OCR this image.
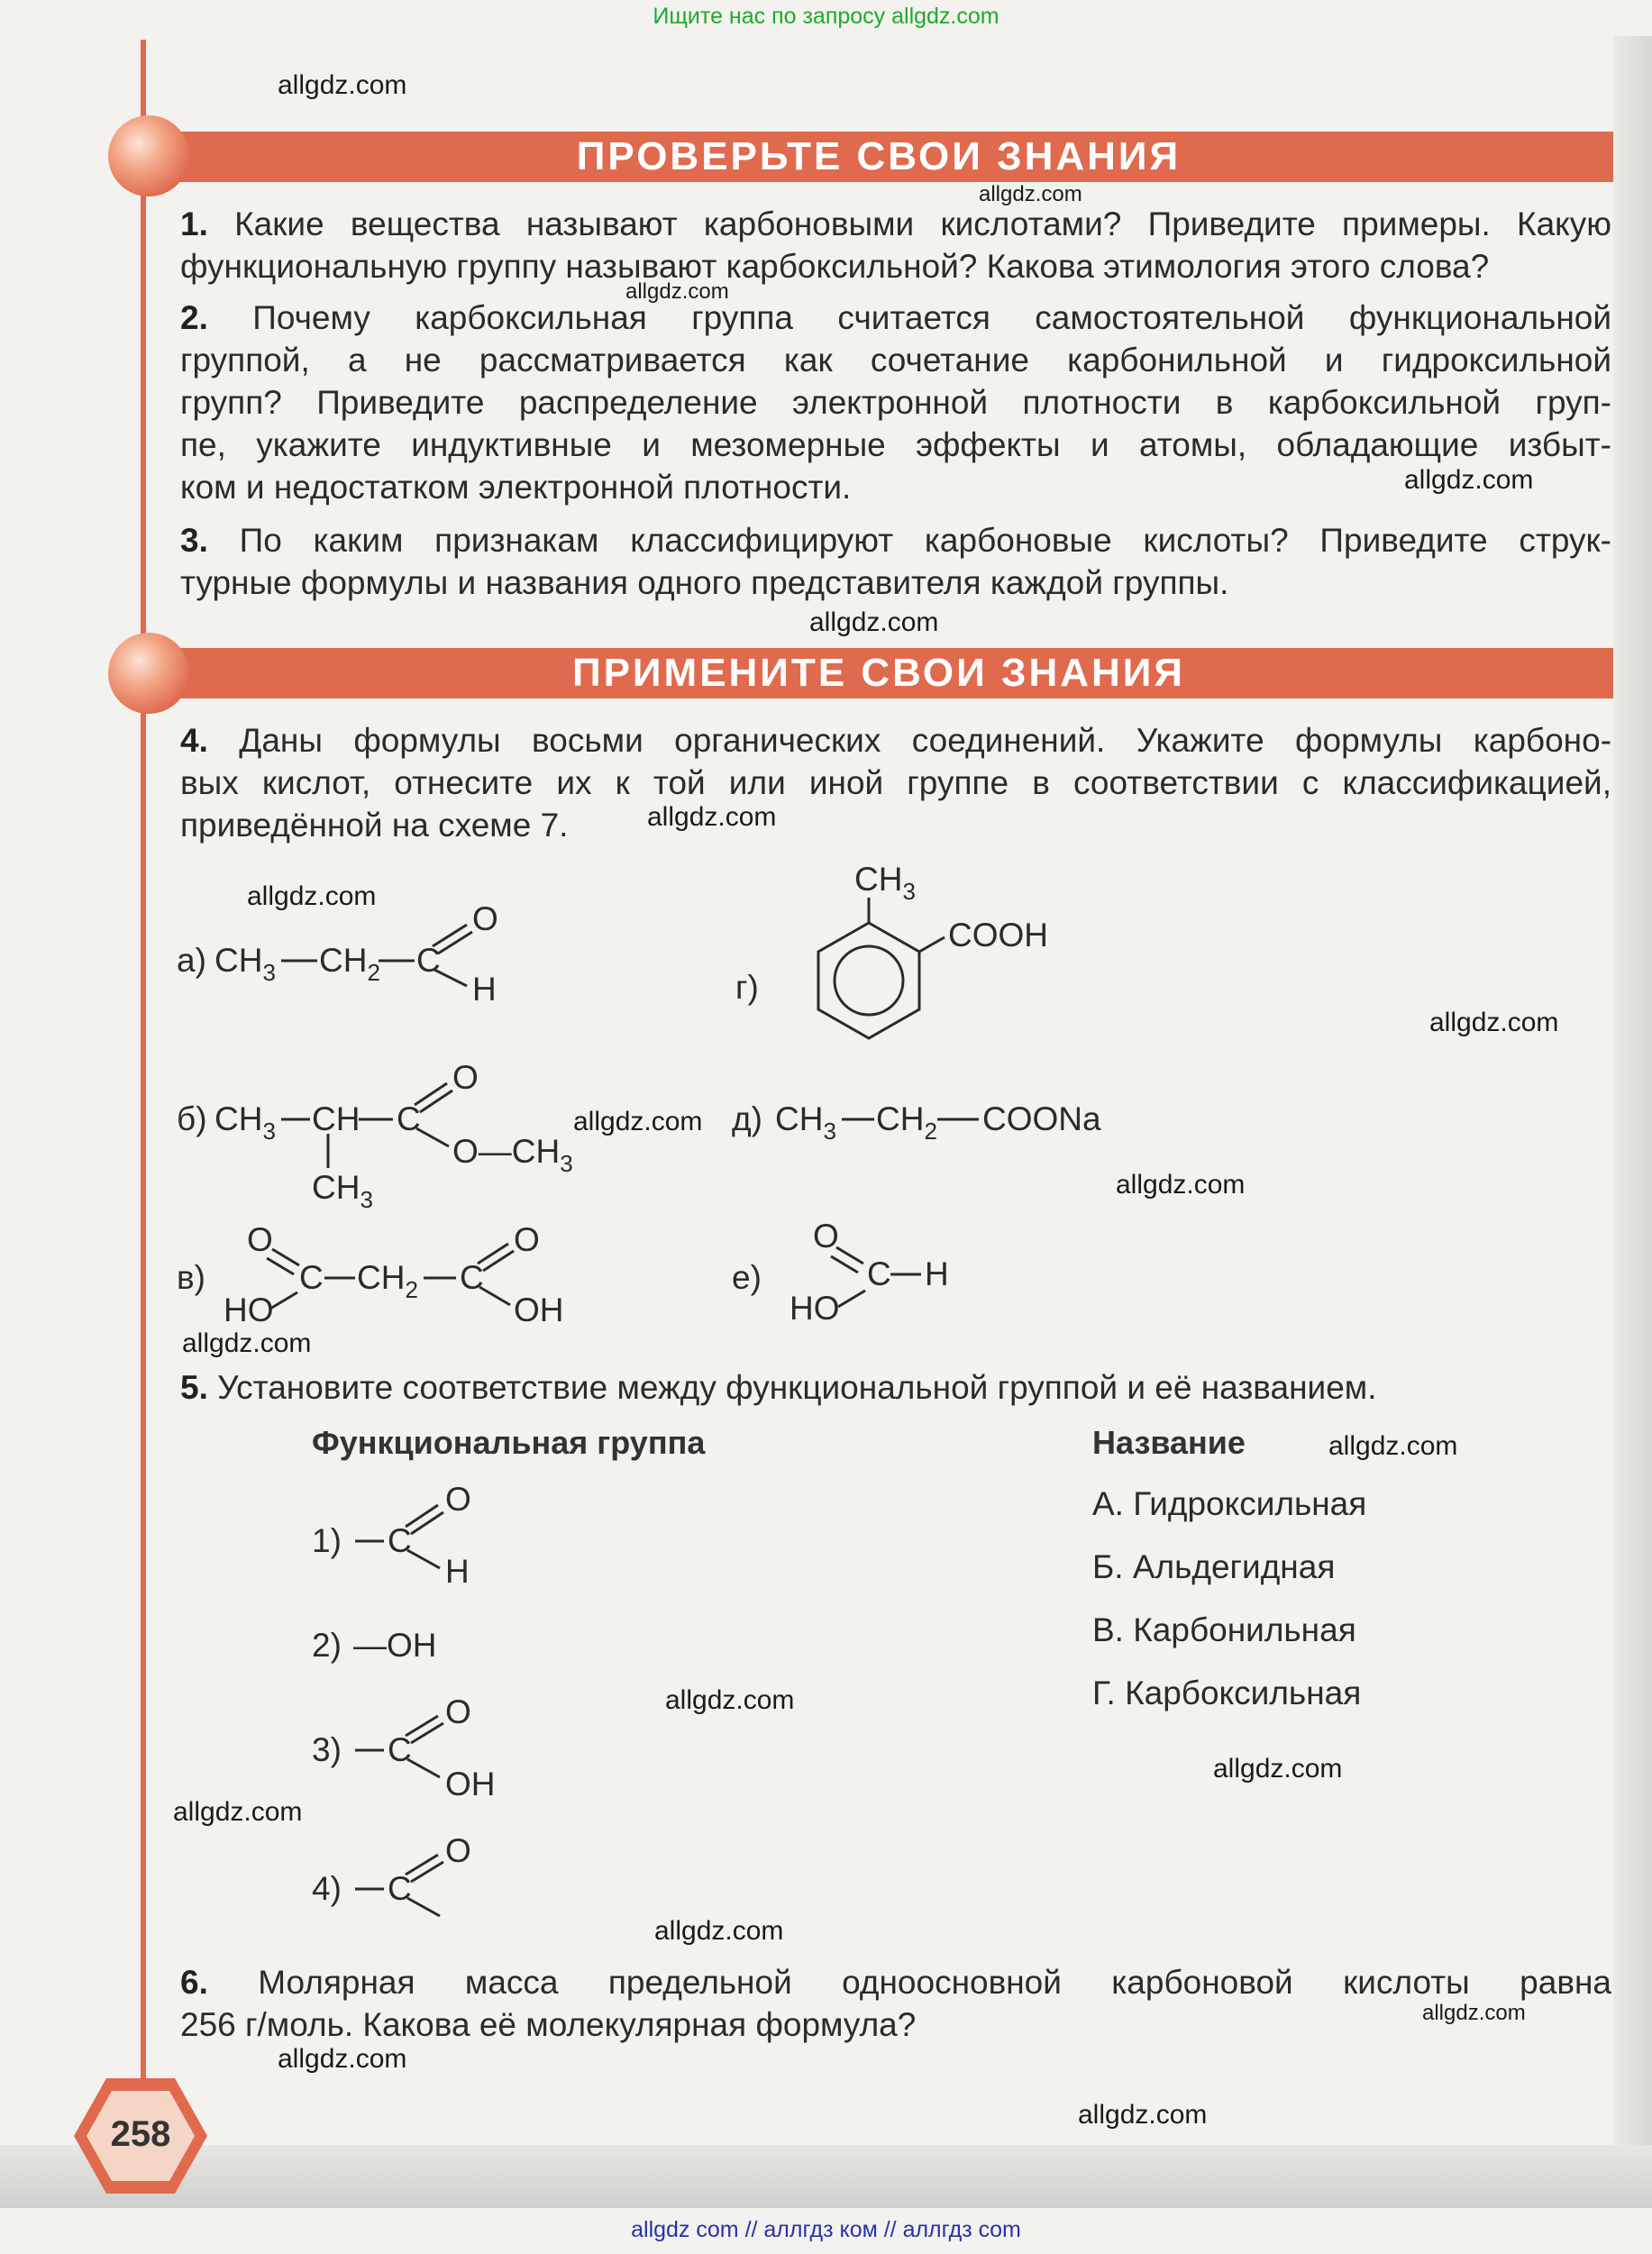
Ищите нас по запросу allgdz.com
allgdz com // аллгдз ком // аллгдз com
ПРОВЕРЬТЕ СВОИ ЗНАНИЯ
1. Какие вещества называют карбоновыми кислотами? Приведите примеры. Какую
функциональную группу называют карбоксильной? Какова этимология этого слова?
2. Почему карбоксильная группа считается самостоятельной функциональной
группой, а не рассматривается как сочетание карбонильной и гидроксильной
групп? Приведите распределение электронной плотности в карбоксильной груп-
пе, укажите индуктивные и мезомерные эффекты и атомы, обладающие избыт-
ком и недостатком электронной плотности.
3. По каким признакам классифицируют карбоновые кислоты? Приведите струк-
турные формулы и названия одного представителя каждой группы.
ПРИМЕНИТЕ СВОИ ЗНАНИЯ
4. Даны формулы восьми органических соединений. Укажите формулы карбоно-
вых кислот, отнесите их к той или иной группе в соответствии с классификацией,
приведённой на схеме 7.
а) $CH_3$ $CH_2$ C
O
H	г)
$CH_3$
COOH
б) $CH_3$ CH C
O
$O—CH_3$
$CH_3$
д) $CH_3$ $CH_2$ COONa
в)
O
HO
C $CH_2$ C
O
OH
е)
O
HO
C H
1) C
O
H
2) —OH
3) C
O
OH
4) C
O
5. Установите соответствие между функциональной группой и её названием.
Функциональная группа	Название
А. Гидроксильная
Б. Альдегидная
В. Карбонильная
Г. Карбоксильная
6. Молярная масса предельной одноосновной карбоновой кислоты равна
256 г/моль. Какова её молекулярная формула?
258
allgdz.com
allgdz.com
allgdz.com
allgdz.com
allgdz.com
allgdz.com
allgdz.com
allgdz.com
allgdz.com
allgdz.com
allgdz.com
allgdz.com
allgdz.com
allgdz.com
allgdz.com
allgdz.com
allgdz.com
allgdz.com
allgdz.com
